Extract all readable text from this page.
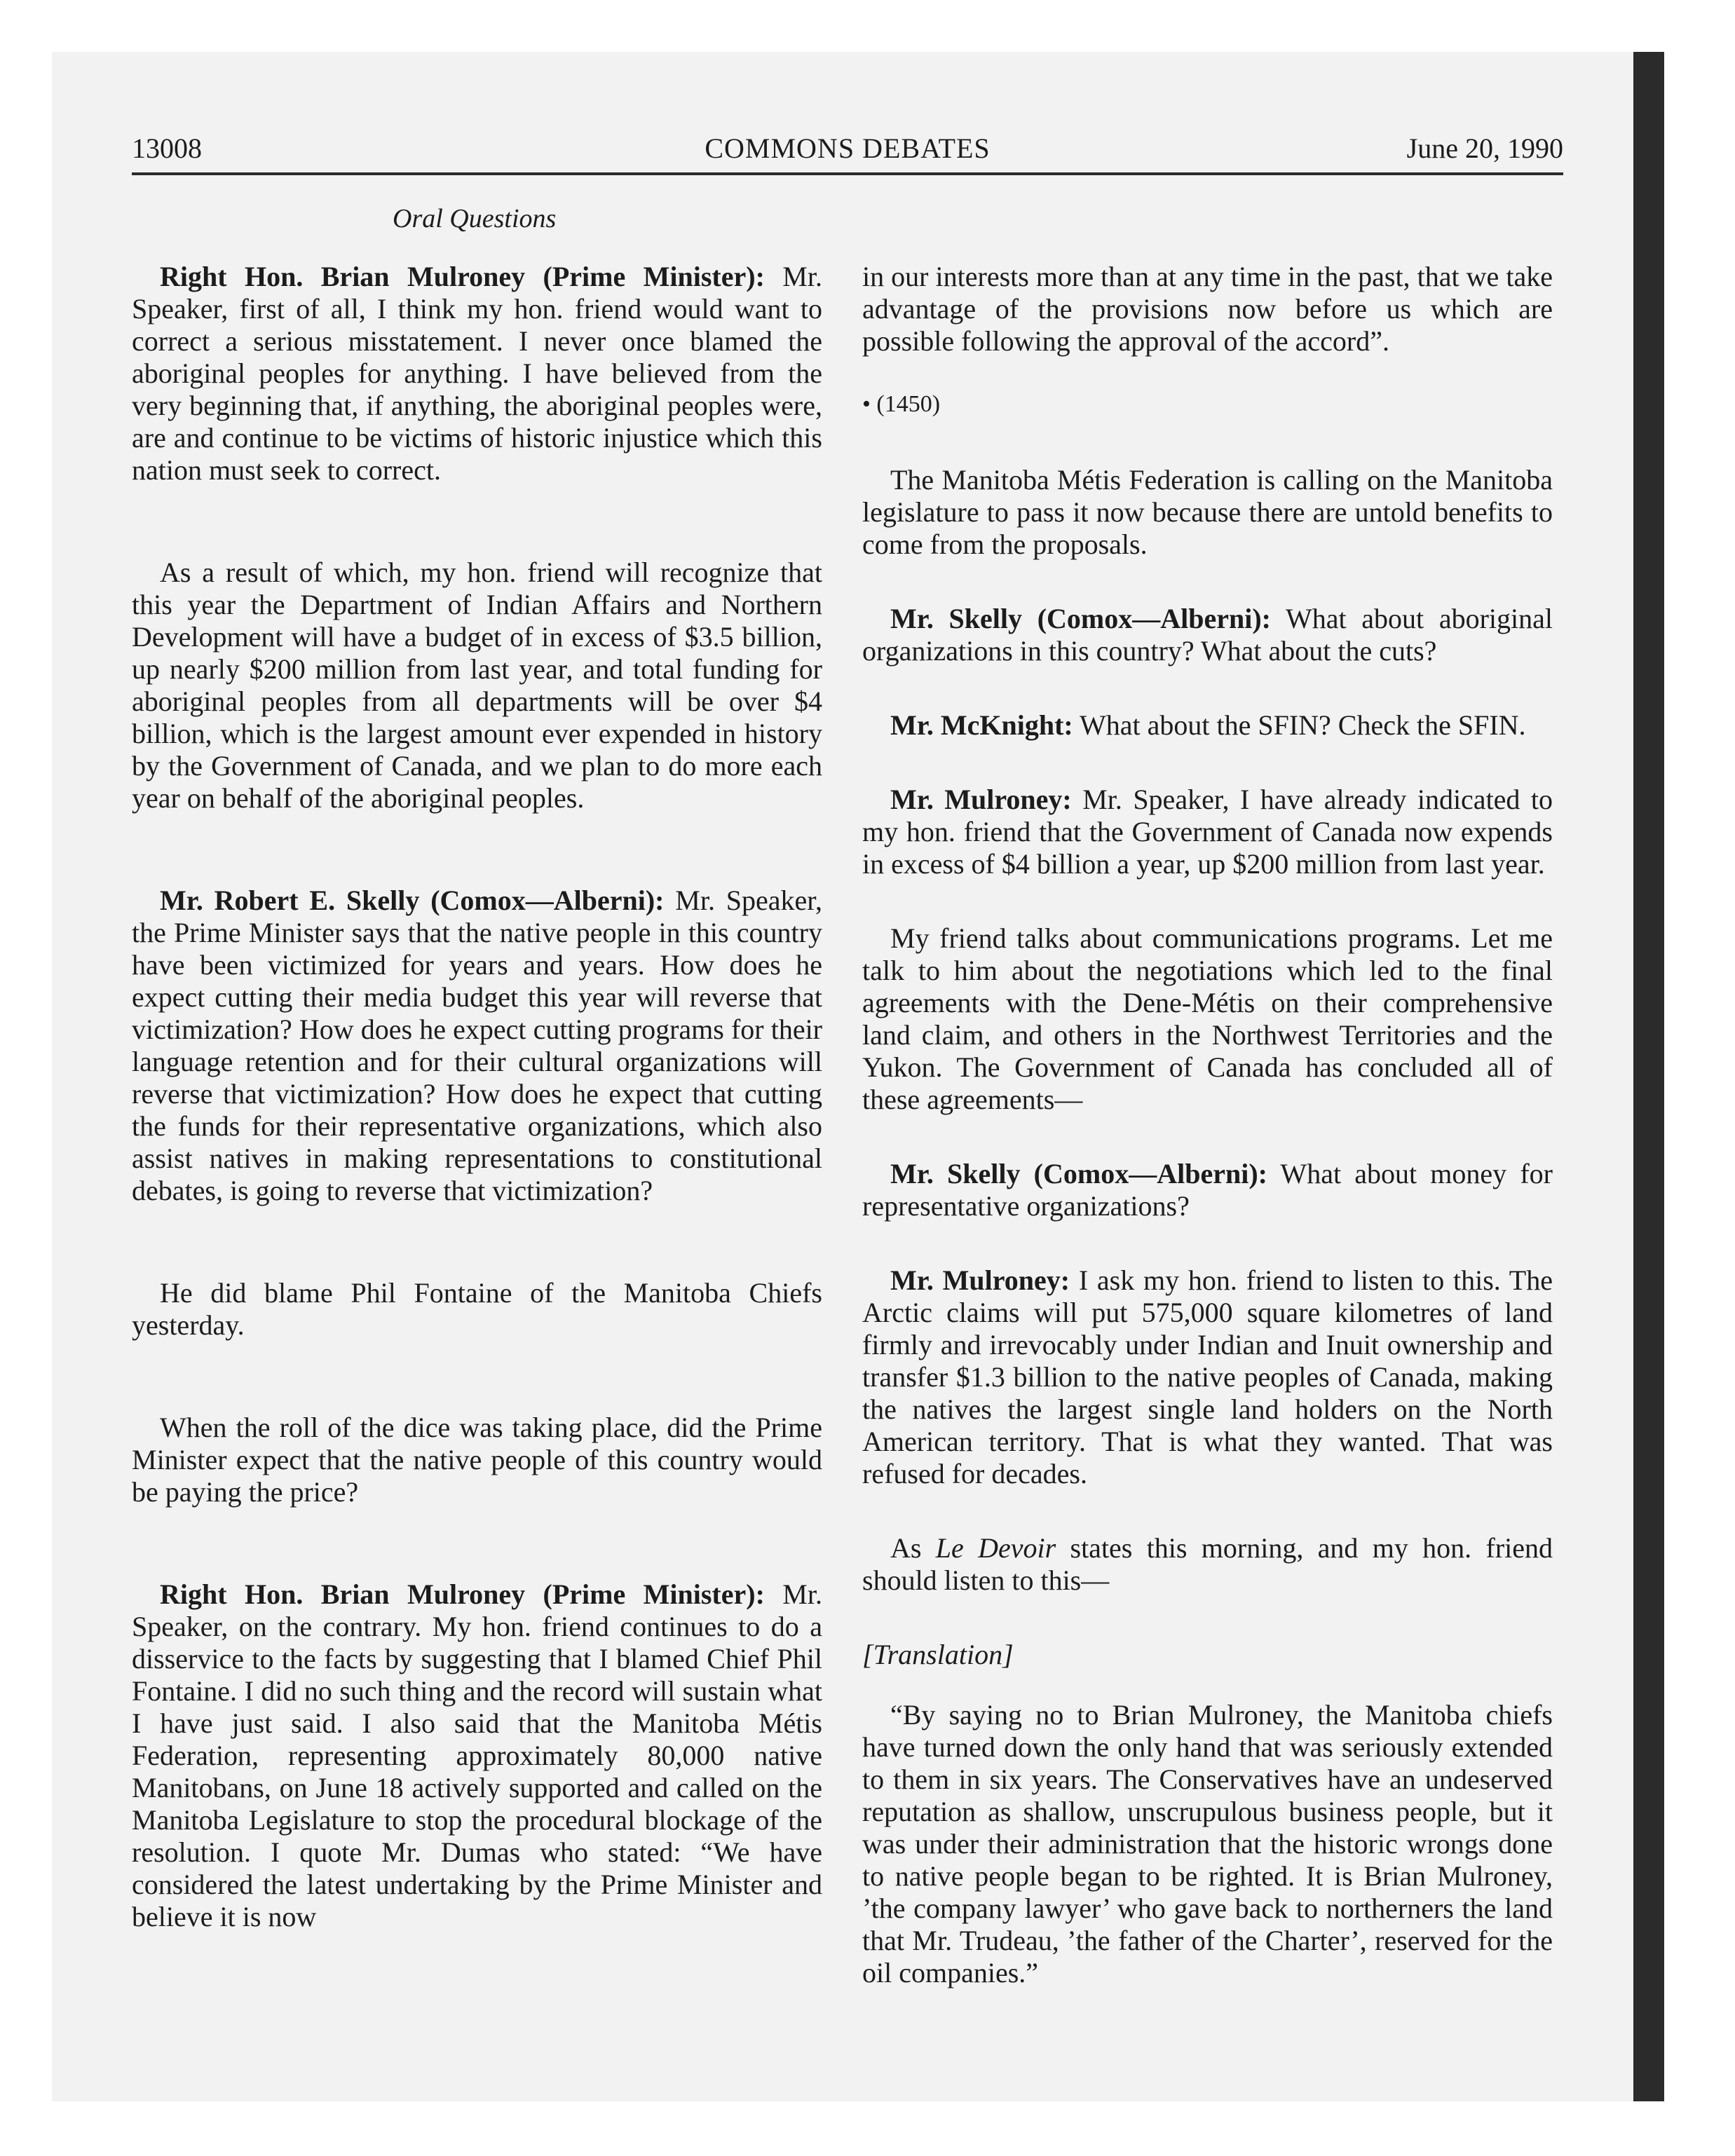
13008	COMMONS DEBATES	June 20, 1990
Oral Questions

Right Hon. Brian Mulroney (Prime Minister): Mr. Speaker, first of all, I think my hon. friend would want to correct a serious misstatement. I never once blamed the aboriginal peoples for anything. I have believed from the very beginning that, if anything, the aboriginal peoples were, are and continue to be victims of historic injustice which this nation must seek to correct.

As a result of which, my hon. friend will recognize that this year the Department of Indian Affairs and Northern Development will have a budget of in excess of $3.5 billion, up nearly $200 million from last year, and total funding for aboriginal peoples from all departments will be over $4 billion, which is the largest amount ever expended in history by the Government of Canada, and we plan to do more each year on behalf of the aboriginal peoples.

Mr. Robert E. Skelly (Comox—Alberni): Mr. Speaker, the Prime Minister says that the native people in this country have been victimized for years and years. How does he expect cutting their media budget this year will reverse that victimization? How does he expect cutting programs for their language retention and for their cultural organizations will reverse that victimization? How does he expect that cutting the funds for their representative organizations, which also assist natives in making representations to constitutional debates, is going to reverse that victimization?

He did blame Phil Fontaine of the Manitoba Chiefs yesterday.

When the roll of the dice was taking place, did the Prime Minister expect that the native people of this country would be paying the price?

Right Hon. Brian Mulroney (Prime Minister): Mr. Speaker, on the contrary. My hon. friend continues to do a disservice to the facts by suggesting that I blamed Chief Phil Fontaine. I did no such thing and the record will sustain what I have just said. I also said that the Manitoba Métis Federation, representing approximately 80,000 native Manitobans, on June 18 actively supported and called on the Manitoba Legislature to stop the procedural blockage of the resolution. I quote Mr. Dumas who stated: “We have considered the latest undertaking by the Prime Minister and believe it is now

in our interests more than at any time in the past, that we take advantage of the provisions now before us which are possible following the approval of the accord”.

• (1450)

The Manitoba Métis Federation is calling on the Manitoba legislature to pass it now because there are untold benefits to come from the proposals.

Mr. Skelly (Comox—Alberni): What about aboriginal organizations in this country? What about the cuts?

Mr. McKnight: What about the SFIN? Check the SFIN.

Mr. Mulroney: Mr. Speaker, I have already indicated to my hon. friend that the Government of Canada now expends in excess of $4 billion a year, up $200 million from last year.

My friend talks about communications programs. Let me talk to him about the negotiations which led to the final agreements with the Dene-Métis on their comprehensive land claim, and others in the Northwest Territories and the Yukon. The Government of Canada has concluded all of these agreements—

Mr. Skelly (Comox—Alberni): What about money for representative organizations?

Mr. Mulroney: I ask my hon. friend to listen to this. The Arctic claims will put 575,000 square kilometres of land firmly and irrevocably under Indian and Inuit ownership and transfer $1.3 billion to the native peoples of Canada, making the natives the largest single land holders on the North American territory. That is what they wanted. That was refused for decades.

As Le Devoir states this morning, and my hon. friend should listen to this—

[Translation]

“By saying no to Brian Mulroney, the Manitoba chiefs have turned down the only hand that was seriously extended to them in six years. The Conservatives have an undeserved reputation as shallow, unscrupulous business people, but it was under their administration that the historic wrongs done to native people began to be righted. It is Brian Mulroney, ’the company lawyer’ who gave back to northerners the land that Mr. Trudeau, ’the father of the Charter’, reserved for the oil companies.”
